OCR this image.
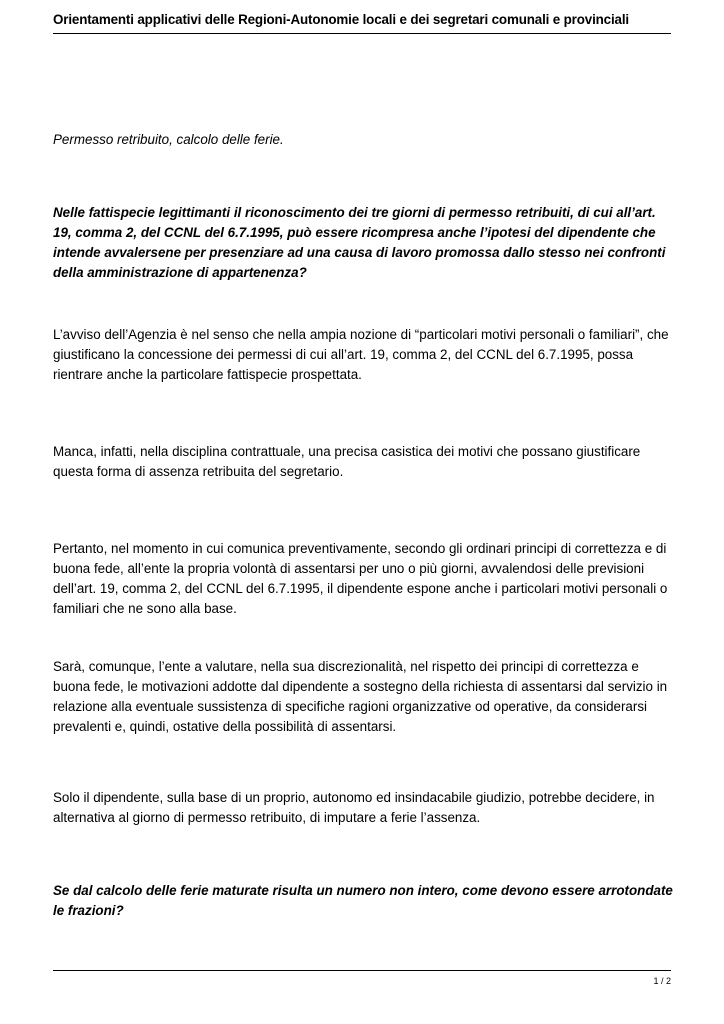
Orientamenti applicativi delle Regioni-Autonomie locali e dei segretari comunali e provinciali

Permesso retribuito, calcolo delle ferie.

Nelle fattispecie legittimanti il riconoscimento dei tre giorni di permesso retribuiti, di cui all’art. 19, comma 2, del CCNL del 6.7.1995, può essere ricompresa anche l’ipotesi del dipendente che intende avvalersene per presenziare ad una causa di lavoro promossa dallo stesso nei confronti della amministrazione di appartenenza?

L’avviso dell’Agenzia è nel senso che nella ampia nozione di “particolari motivi personali o familiari”, che giustificano la concessione dei permessi di cui all’art. 19, comma 2, del CCNL del 6.7.1995, possa rientrare anche la particolare fattispecie prospettata.

Manca, infatti, nella disciplina contrattuale, una precisa casistica dei motivi che possano giustificare questa forma di assenza retribuita del segretario.

Pertanto, nel momento in cui comunica preventivamente, secondo gli ordinari principi di correttezza e di buona fede, all’ente la propria volontà di assentarsi per uno o più giorni, avvalendosi delle previsioni dell’art. 19, comma 2, del CCNL del 6.7.1995, il dipendente espone anche i particolari motivi personali o familiari che ne sono alla base.

Sarà, comunque, l’ente a valutare, nella sua discrezionalità, nel rispetto dei principi di correttezza e buona fede, le motivazioni addotte dal dipendente a sostegno della richiesta di assentarsi dal servizio in relazione alla eventuale sussistenza di specifiche ragioni organizzative od operative, da considerarsi prevalenti e, quindi, ostative della possibilità di assentarsi.

Solo il dipendente, sulla base di un proprio, autonomo ed insindacabile giudizio, potrebbe decidere, in alternativa al giorno di permesso retribuito, di imputare a ferie l’assenza.

Se dal calcolo delle ferie maturate risulta un numero non intero, come devono essere arrotondate le frazioni?

1 / 2
